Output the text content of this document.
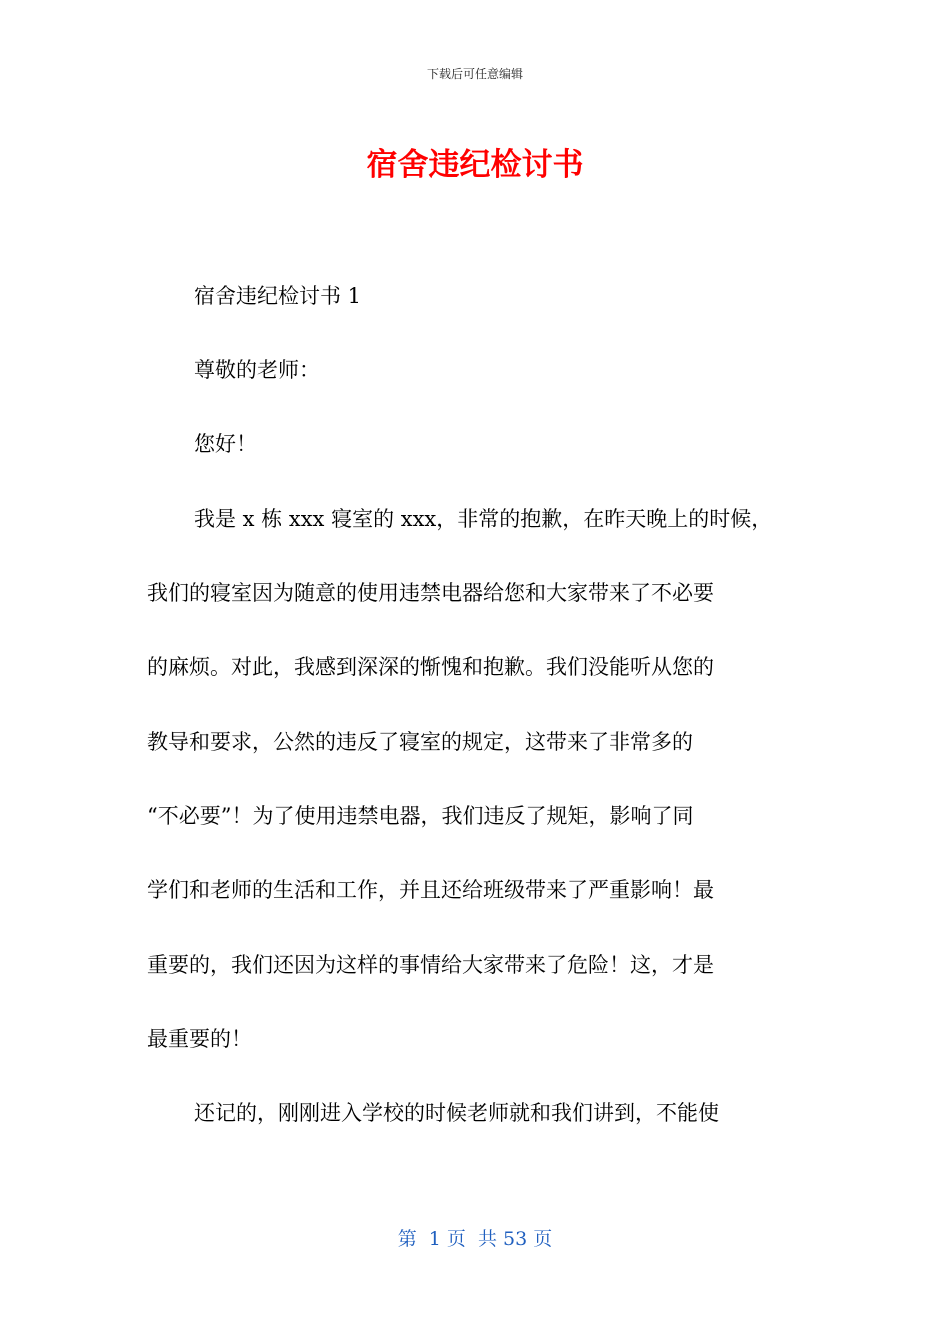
下载后可任意编辑
宿舍违纪检讨书

宿舍违纪检讨书 1

尊敬的老师：

您好！

我是 x 栋 xxx 寝室的 xxx，非常的抱歉，在昨天晚上的时候，

我们的寝室因为随意的使用违禁电器给您和大家带来了不必要

的麻烦。对此，我感到深深的惭愧和抱歉。我们没能听从您的

教导和要求，公然的违反了寝室的规定，这带来了非常多的

“不必要”！为了使用违禁电器，我们违反了规矩，影响了同

学们和老师的生活和工作，并且还给班级带来了严重影响！最

重要的，我们还因为这样的事情给大家带来了危险！这，才是

最重要的！

还记的，刚刚进入学校的时候老师就和我们讲到，不能使

第  1 页  共 53 页
